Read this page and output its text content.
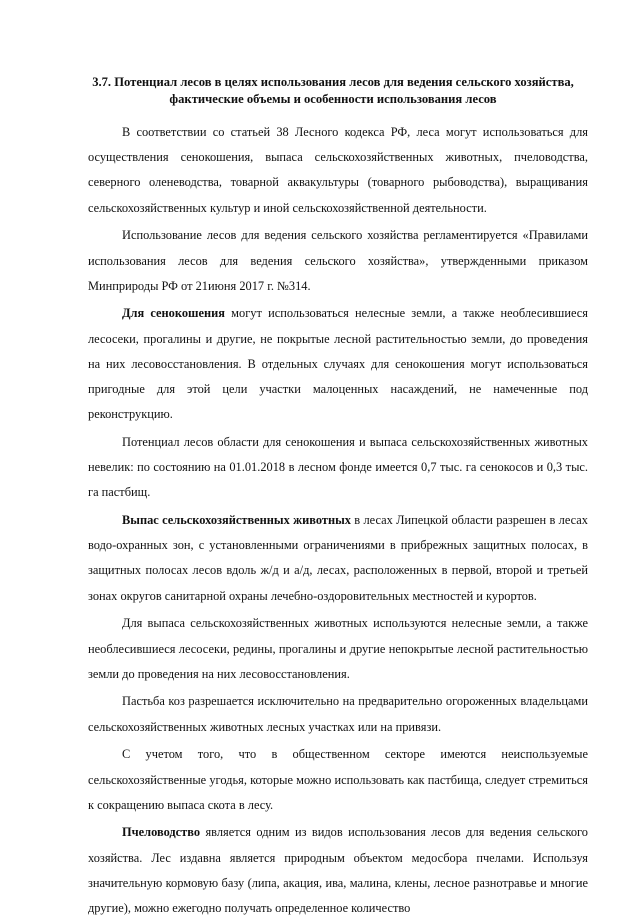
3.7. Потенциал лесов в целях использования лесов для ведения сельского хозяйства,
фактические объемы и особенности использования лесов

В соответствии со статьей 38 Лесного кодекса РФ, леса могут использоваться для осуществления сенокошения, выпаса сельскохозяйственных животных, пчеловодства, северного оленеводства, товарной аквакультуры (товарного рыбоводства), выращивания сельскохозяйственных культур и иной сельскохозяйственной деятельности.

Использование лесов для ведения сельского хозяйства регламентируется «Правилами использования лесов для ведения сельского хозяйства», утвержденными приказом Минприроды РФ от 21июня 2017 г. №314.

Для сенокошения могут использоваться нелесные земли, а также необлесившиеся лесосеки, прогалины и другие, не покрытые лесной растительностью земли, до проведения на них лесовосстановления. В отдельных случаях для сенокошения могут использоваться пригодные для этой цели участки малоценных насаждений, не намеченные под реконструкцию.

Потенциал лесов области для сенокошения и выпаса сельскохозяйственных животных невелик: по состоянию на 01.01.2018 в лесном фонде имеется 0,7 тыс. га сенокосов и 0,3 тыс. га пастбищ.

Выпас сельскохозяйственных животных в лесах Липецкой области разрешен в лесах водо-охранных зон, с установленными ограничениями в прибрежных защитных полосах, в защитных полосах лесов вдоль ж/д и а/д, лесах, расположенных в первой, второй и третьей зонах округов санитарной охраны лечебно-оздоровительных местностей и курортов.

Для выпаса сельскохозяйственных животных используются нелесные земли, а также необлесившиеся лесосеки, редины, прогалины и другие непокрытые лесной растительностью земли до проведения на них лесовосстановления.

Пастьба коз разрешается исключительно на предварительно огороженных владельцами сельскохозяйственных животных лесных участках или на привязи.

С учетом того, что в общественном секторе имеются неиспользуемые сельскохозяйственные угодья, которые можно использовать как пастбища, следует стремиться к сокращению выпаса скота в лесу.

Пчеловодство является одним из видов использования лесов для ведения сельского хозяйства. Лес издавна является природным объектом медосбора пчелами. Используя значительную кормовую базу (липа, акация, ива, малина, клены, лесное разнотравье и многие другие), можно ежегодно получать определенное количество
